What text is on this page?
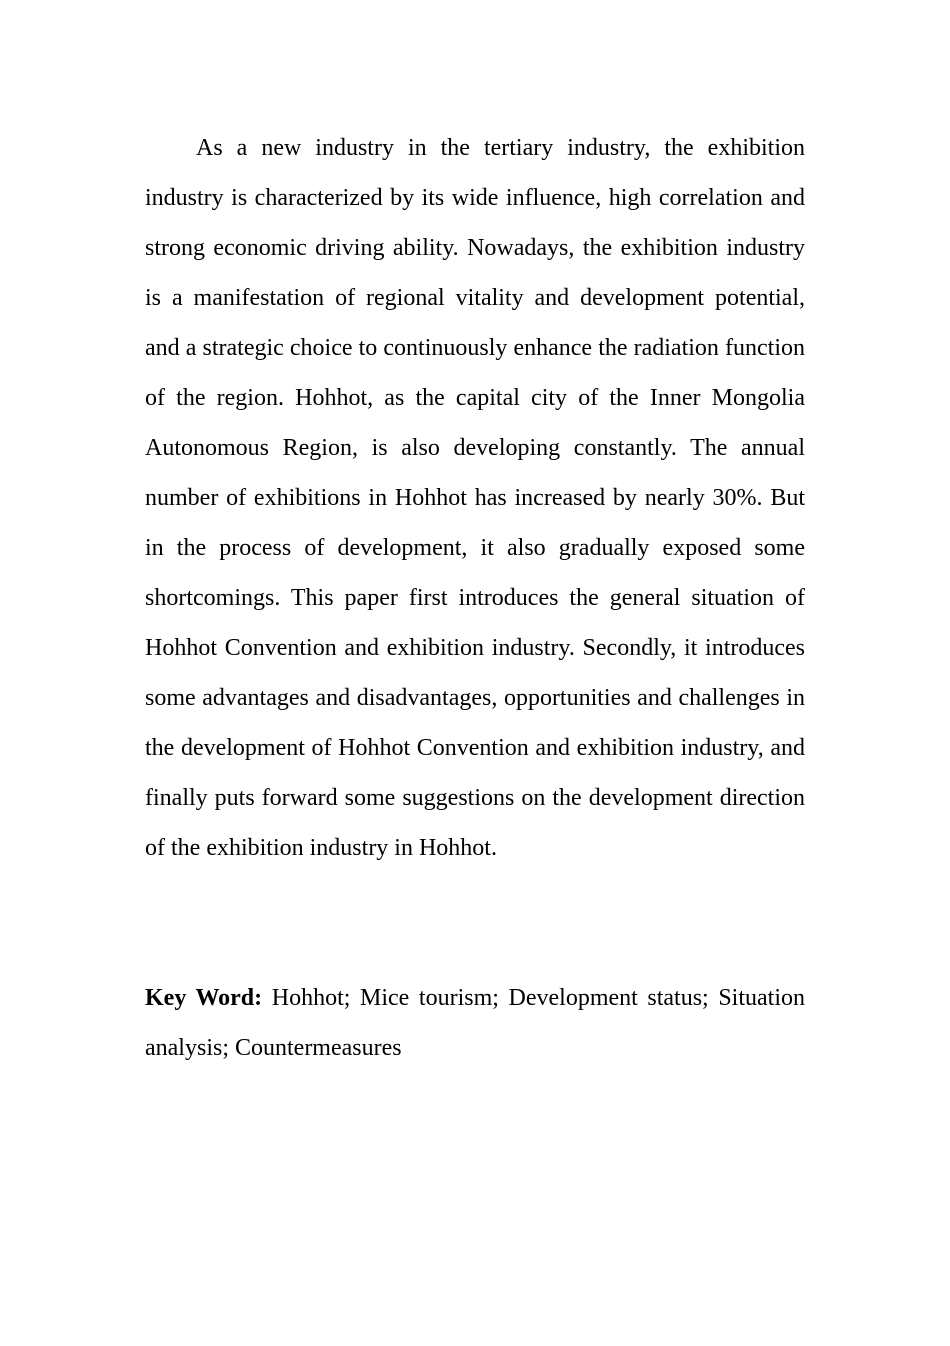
As a new industry in the tertiary industry, the exhibition industry is characterized by its wide influence, high correlation and strong economic driving ability. Nowadays, the exhibition industry is a manifestation of regional vitality and development potential, and a strategic choice to continuously enhance the radiation function of the region. Hohhot, as the capital city of the Inner Mongolia Autonomous Region, is also developing constantly. The annual number of exhibitions in Hohhot has increased by nearly 30%. But in the process of development, it also gradually exposed some shortcomings. This paper first introduces the general situation of Hohhot Convention and exhibition industry. Secondly, it introduces some advantages and disadvantages, opportunities and challenges in the development of Hohhot Convention and exhibition industry, and finally puts forward some suggestions on the development direction of the exhibition industry in Hohhot.

Key Word: Hohhot; Mice tourism; Development status; Situation analysis; Countermeasures
